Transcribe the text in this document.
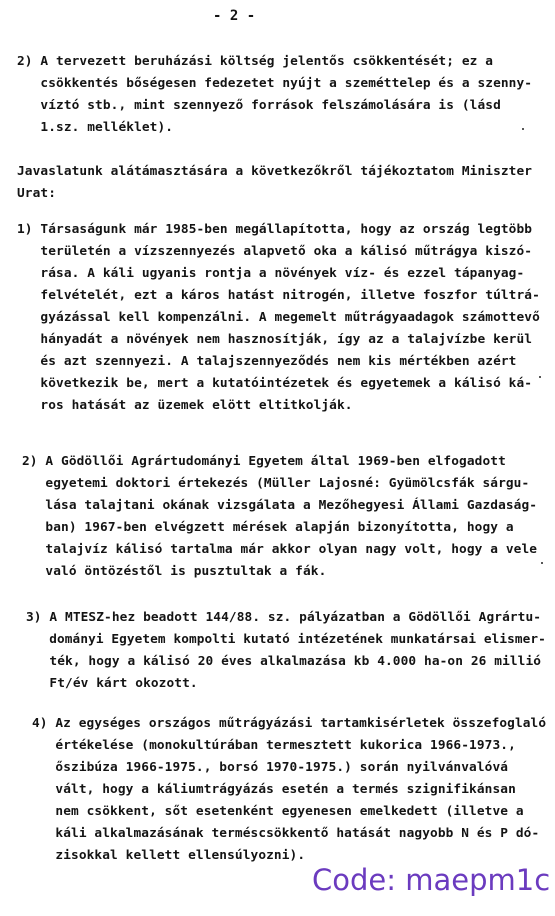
- 2 -
2) A tervezett beruházási költség jelentős csökkentését; ez a
csökkentés bőségesen fedezetet nyújt a szeméttelep és a szenny-
víztó stb., mint szennyező források felszámolására is (lásd
1.sz. melléklet).
Javaslatunk alátámasztására a következőkről tájékoztatom Miniszter
Urat:
1) Társaságunk már 1985-ben megállapította, hogy az ország legtöbb
területén a vízszennyezés alapvető oka a kálisó műtrágya kiszó-
rása. A káli ugyanis rontja a növények víz- és ezzel tápanyag-
felvételét, ezt a káros hatást nitrogén, illetve foszfor túltrá-
gyázással kell kompenzálni. A megemelt műtrágyaadagok számottevő
hányadát a növények nem hasznosítják, így az a talajvízbe kerül
és azt szennyezi. A talajszennyeződés nem kis mértékben azért
következik be, mert a kutatóintézetek és egyetemek a kálisó ká-
ros hatását az üzemek elött eltitkolják.
2) A Gödöllői Agrártudományi Egyetem által 1969-ben elfogadott
egyetemi doktori értekezés (Müller Lajosné: Gyümölcsfák sárgu-
lása talajtani okának vizsgálata a Mezőhegyesi Állami Gazdaság-
ban) 1967-ben elvégzett mérések alapján bizonyította, hogy a
talajvíz kálisó tartalma már akkor olyan nagy volt, hogy a vele
való öntözéstől is pusztultak a fák.
3) A MTESZ-hez beadott 144/88. sz. pályázatban a Gödöllői Agrártu-
dományi Egyetem kompolti kutató intézetének munkatársai elismer-
ték, hogy a kálisó 20 éves alkalmazása kb 4.000 ha-on 26 millió
Ft/év kárt okozott.
4) Az egységes országos műtrágyázási tartamkisérletek összefoglaló
értékelése (monokultúrában termesztett kukorica 1966-1973.,
őszibúza 1966-1975., borsó 1970-1975.) során nyilvánvalóvá
vált, hogy a káliumtrágyázás esetén a termés szignifikánsan
nem csökkent, sőt esetenként egyenesen emelkedett (illetve a
káli alkalmazásának terméscsökkentő hatását nagyobb N és P dó-
zisokkal kellett ellensúlyozni).
Code: maepm1c
